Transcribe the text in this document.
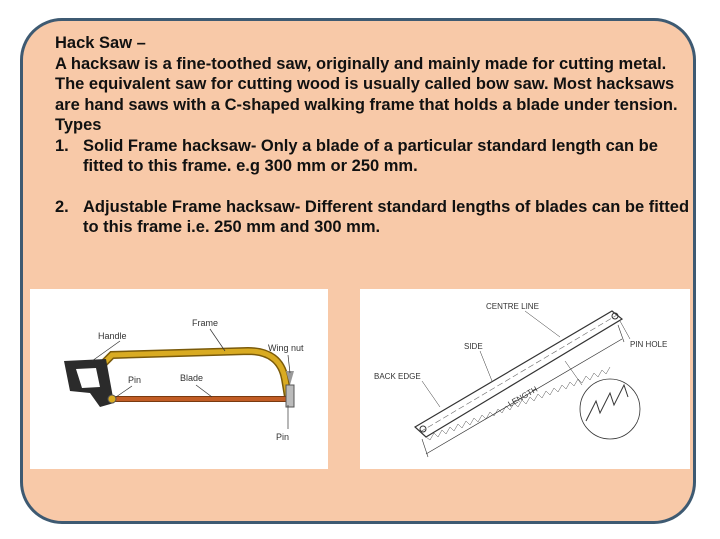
Hack Saw –

A hacksaw is a fine-toothed saw, originally and mainly made for cutting metal. The equivalent saw for cutting wood is usually called bow saw. Most hacksaws are hand saws with a C-shaped walking frame that holds a blade under tension.

Types

1. Solid Frame hacksaw- Only a blade of a particular standard length can be fitted to this frame. e.g 300 mm or 250 mm.
2. Adjustable Frame hacksaw- Different standard lengths of blades can be fitted to this frame i.e. 250 mm and 300 mm.
Handle
Frame
Wing nut
Pin	Blade
Pin
LENGTH
CENTRE LINE
SIDE
BACK EDGE
PIN HOLE
